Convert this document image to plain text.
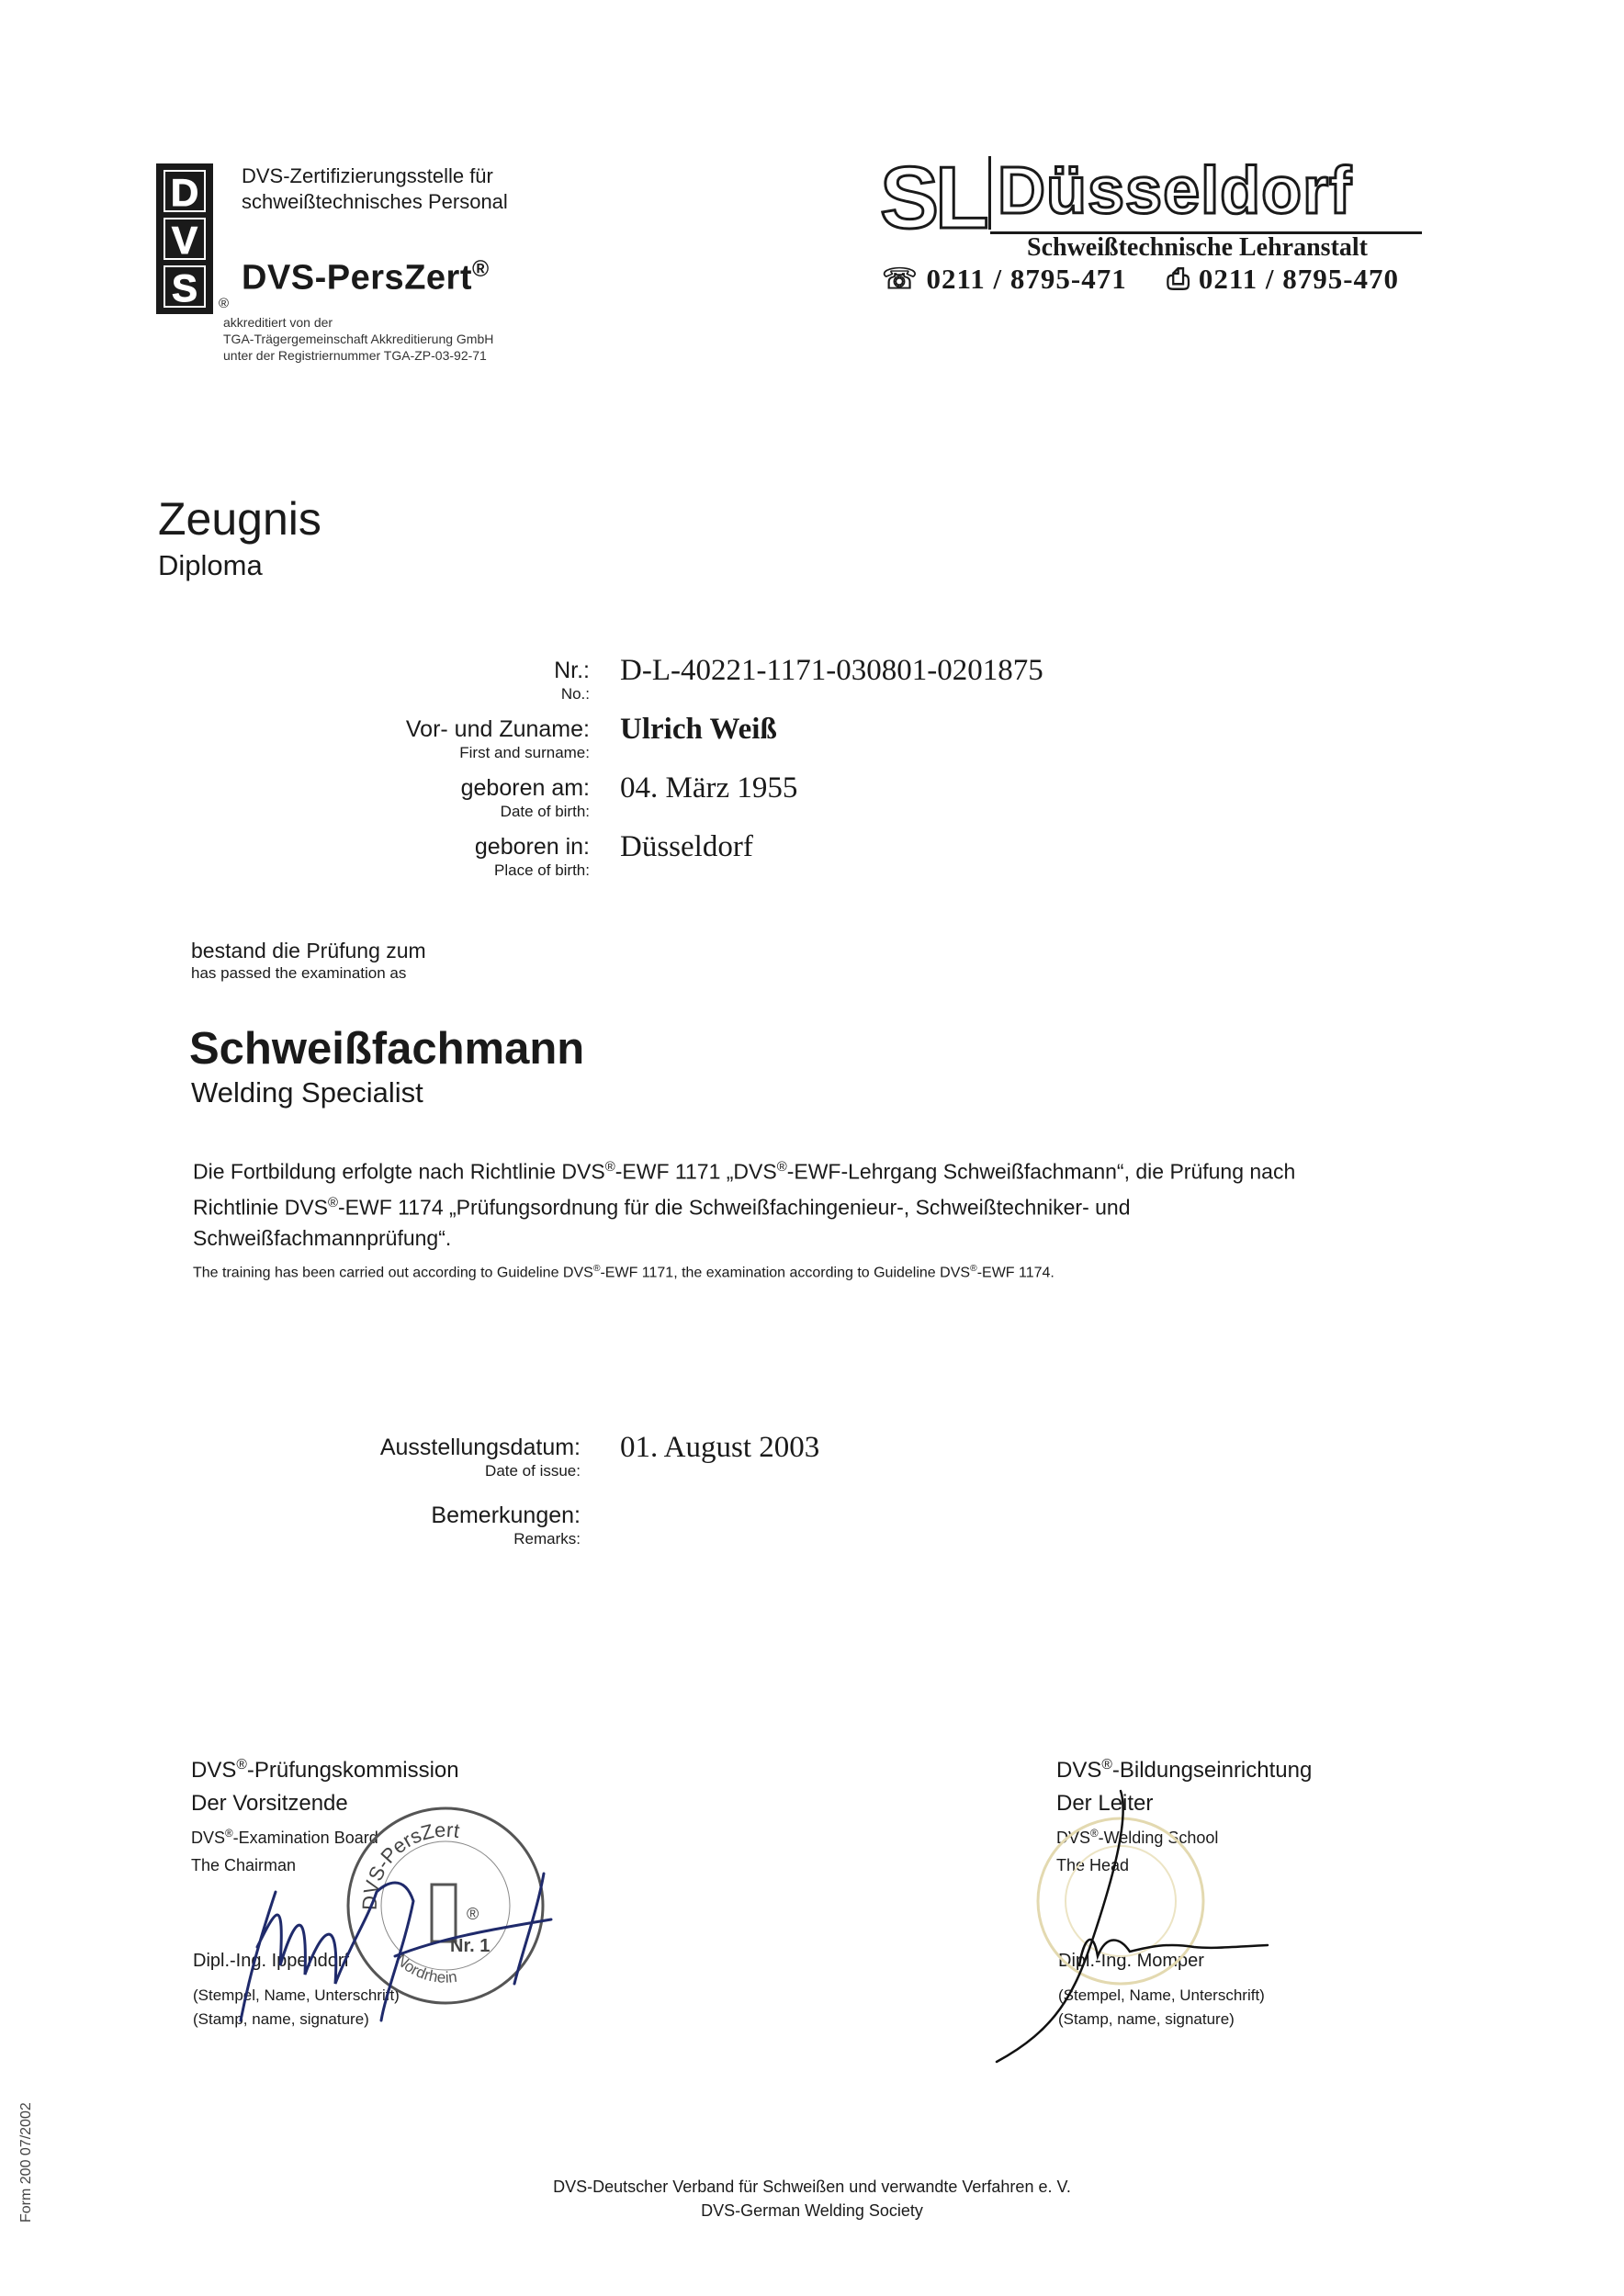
D
V
S	®
DVS-Zertifizierungsstelle für
schweißtechnisches Personal
DVS-PersZert®
akkreditiert von der
TGA-Trägergemeinschaft Akkreditierung GmbH
unter der Registriernummer TGA-ZP-03-92-71
SL Düsseldorf
Schweißtechnische Lehranstalt
☏ 0211 / 8795-471 ⎙ 0211 / 8795-470
Zeugnis
Diploma
Nr.:
No.:
D-L-40221-1171-030801-0201875
Vor- und Zuname:
First and surname:
Ulrich Weiß
geboren am:
Date of birth:
04. März 1955
geboren in:
Place of birth:
Düsseldorf
bestand die Prüfung zum
has passed the examination as
Schweißfachmann
Welding Specialist
Die Fortbildung erfolgte nach Richtlinie DVS®-EWF 1171 „DVS®-EWF-Lehrgang Schweißfachmann“, die Prüfung nach
Richtlinie DVS®-EWF 1174 „Prüfungsordnung für die Schweißfachingenieur-, Schweißtechniker- und
Schweißfachmannprüfung“.
The training has been carried out according to Guideline DVS®-EWF 1171, the examination according to Guideline DVS®-EWF 1174.
Ausstellungsdatum:
Date of issue:
01. August 2003
Bemerkungen:
Remarks:
DVS®-Prüfungskommission
Der Vorsitzende
DVS®-Examination Board
The Chairman
Dipl.-Ing. Ippendorf
(Stempel, Name, Unterschrift)
(Stamp, name, signature)
DVS-PersZert
®
Nr. 1
Nordrhein
DVS®-Bildungseinrichtung
Der Leiter
DVS®-Welding School
The Head
Dipl.-Ing. Momper
(Stempel, Name, Unterschrift)
(Stamp, name, signature)
Form 200 07/2002	DVS-Deutscher Verband für Schweißen und verwandte Verfahren e. V.
DVS-German Welding Society
